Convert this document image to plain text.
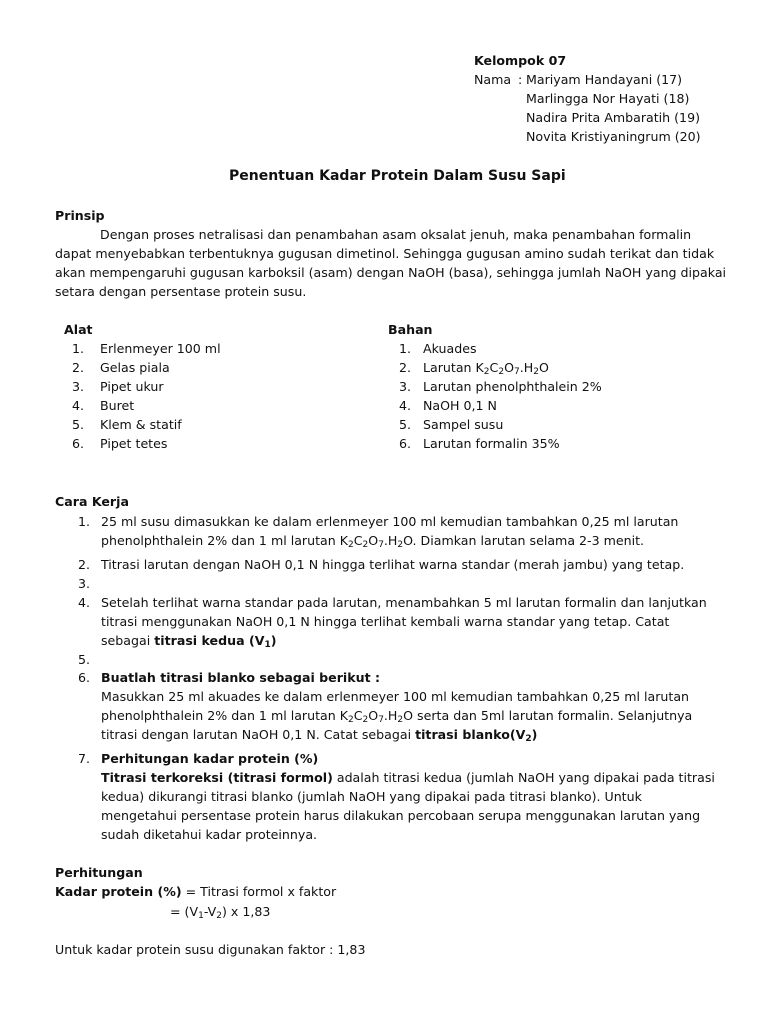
Kelompok 07
Nama : Mariyam Handayani (17)
Marlingga Nor Hayati (18)
Nadira Prita Ambaratih (19)
Novita Kristiyaningrum (20)
Penentuan Kadar Protein Dalam Susu Sapi
Prinsip
Dengan proses netralisasi dan penambahan asam oksalat jenuh, maka penambahan formalin
dapat menyebabkan terbentuknya gugusan dimetinol. Sehingga gugusan amino sudah terikat dan tidak
akan mempengaruhi gugusan karboksil (asam) dengan NaOH (basa), sehingga jumlah NaOH yang dipakai
setara dengan persentase protein susu.
Alat
1. Erlenmeyer 100 ml
2. Gelas piala
3. Pipet ukur
4. Buret
5. Klem & statif
6. Pipet tetes
Bahan
1. Akuades
2. Larutan $K_2C_2O_7.H_2O$
3. Larutan phenolphthalein 2%
4. NaOH 0,1 N
5. Sampel susu
6. Larutan formalin 35%
Cara Kerja
1. 25 ml susu dimasukkan ke dalam erlenmeyer 100 ml kemudian tambahkan 0,25 ml larutan
phenolphthalein 2% dan 1 ml larutan $K_2C_2O_7.H_2O$. Diamkan larutan selama 2-3 menit.
2. Titrasi larutan dengan NaOH 0,1 N hingga terlihat warna standar (merah jambu) yang tetap.
3.
4. Setelah terlihat warna standar pada larutan, menambahkan 5 ml larutan formalin dan lanjutkan
titrasi menggunakan NaOH 0,1 N hingga terlihat kembali warna standar yang tetap. Catat
sebagai titrasi kedua $(V_1)$
5.
6. Buatlah titrasi blanko sebagai berikut :
Masukkan 25 ml akuades ke dalam erlenmeyer 100 ml kemudian tambahkan 0,25 ml larutan
phenolphthalein 2% dan 1 ml larutan $K_2C_2O_7.H_2O$ serta dan 5ml larutan formalin. Selanjutnya
titrasi dengan larutan NaOH 0,1 N. Catat sebagai titrasi $blanko(V_2)$
7. Perhitungan kadar protein (%)
Titrasi terkoreksi (titrasi formol) adalah titrasi kedua (jumlah NaOH yang dipakai pada titrasi
kedua) dikurangi titrasi blanko (jumlah NaOH yang dipakai pada titrasi blanko). Untuk
mengetahui persentase protein harus dilakukan percobaan serupa menggunakan larutan yang
sudah diketahui kadar proteinnya.
Perhitungan
Kadar protein (%) = Titrasi formol x faktor
= $(V_1-V_2)$ x 1,83
Untuk kadar protein susu digunakan faktor : 1,83
